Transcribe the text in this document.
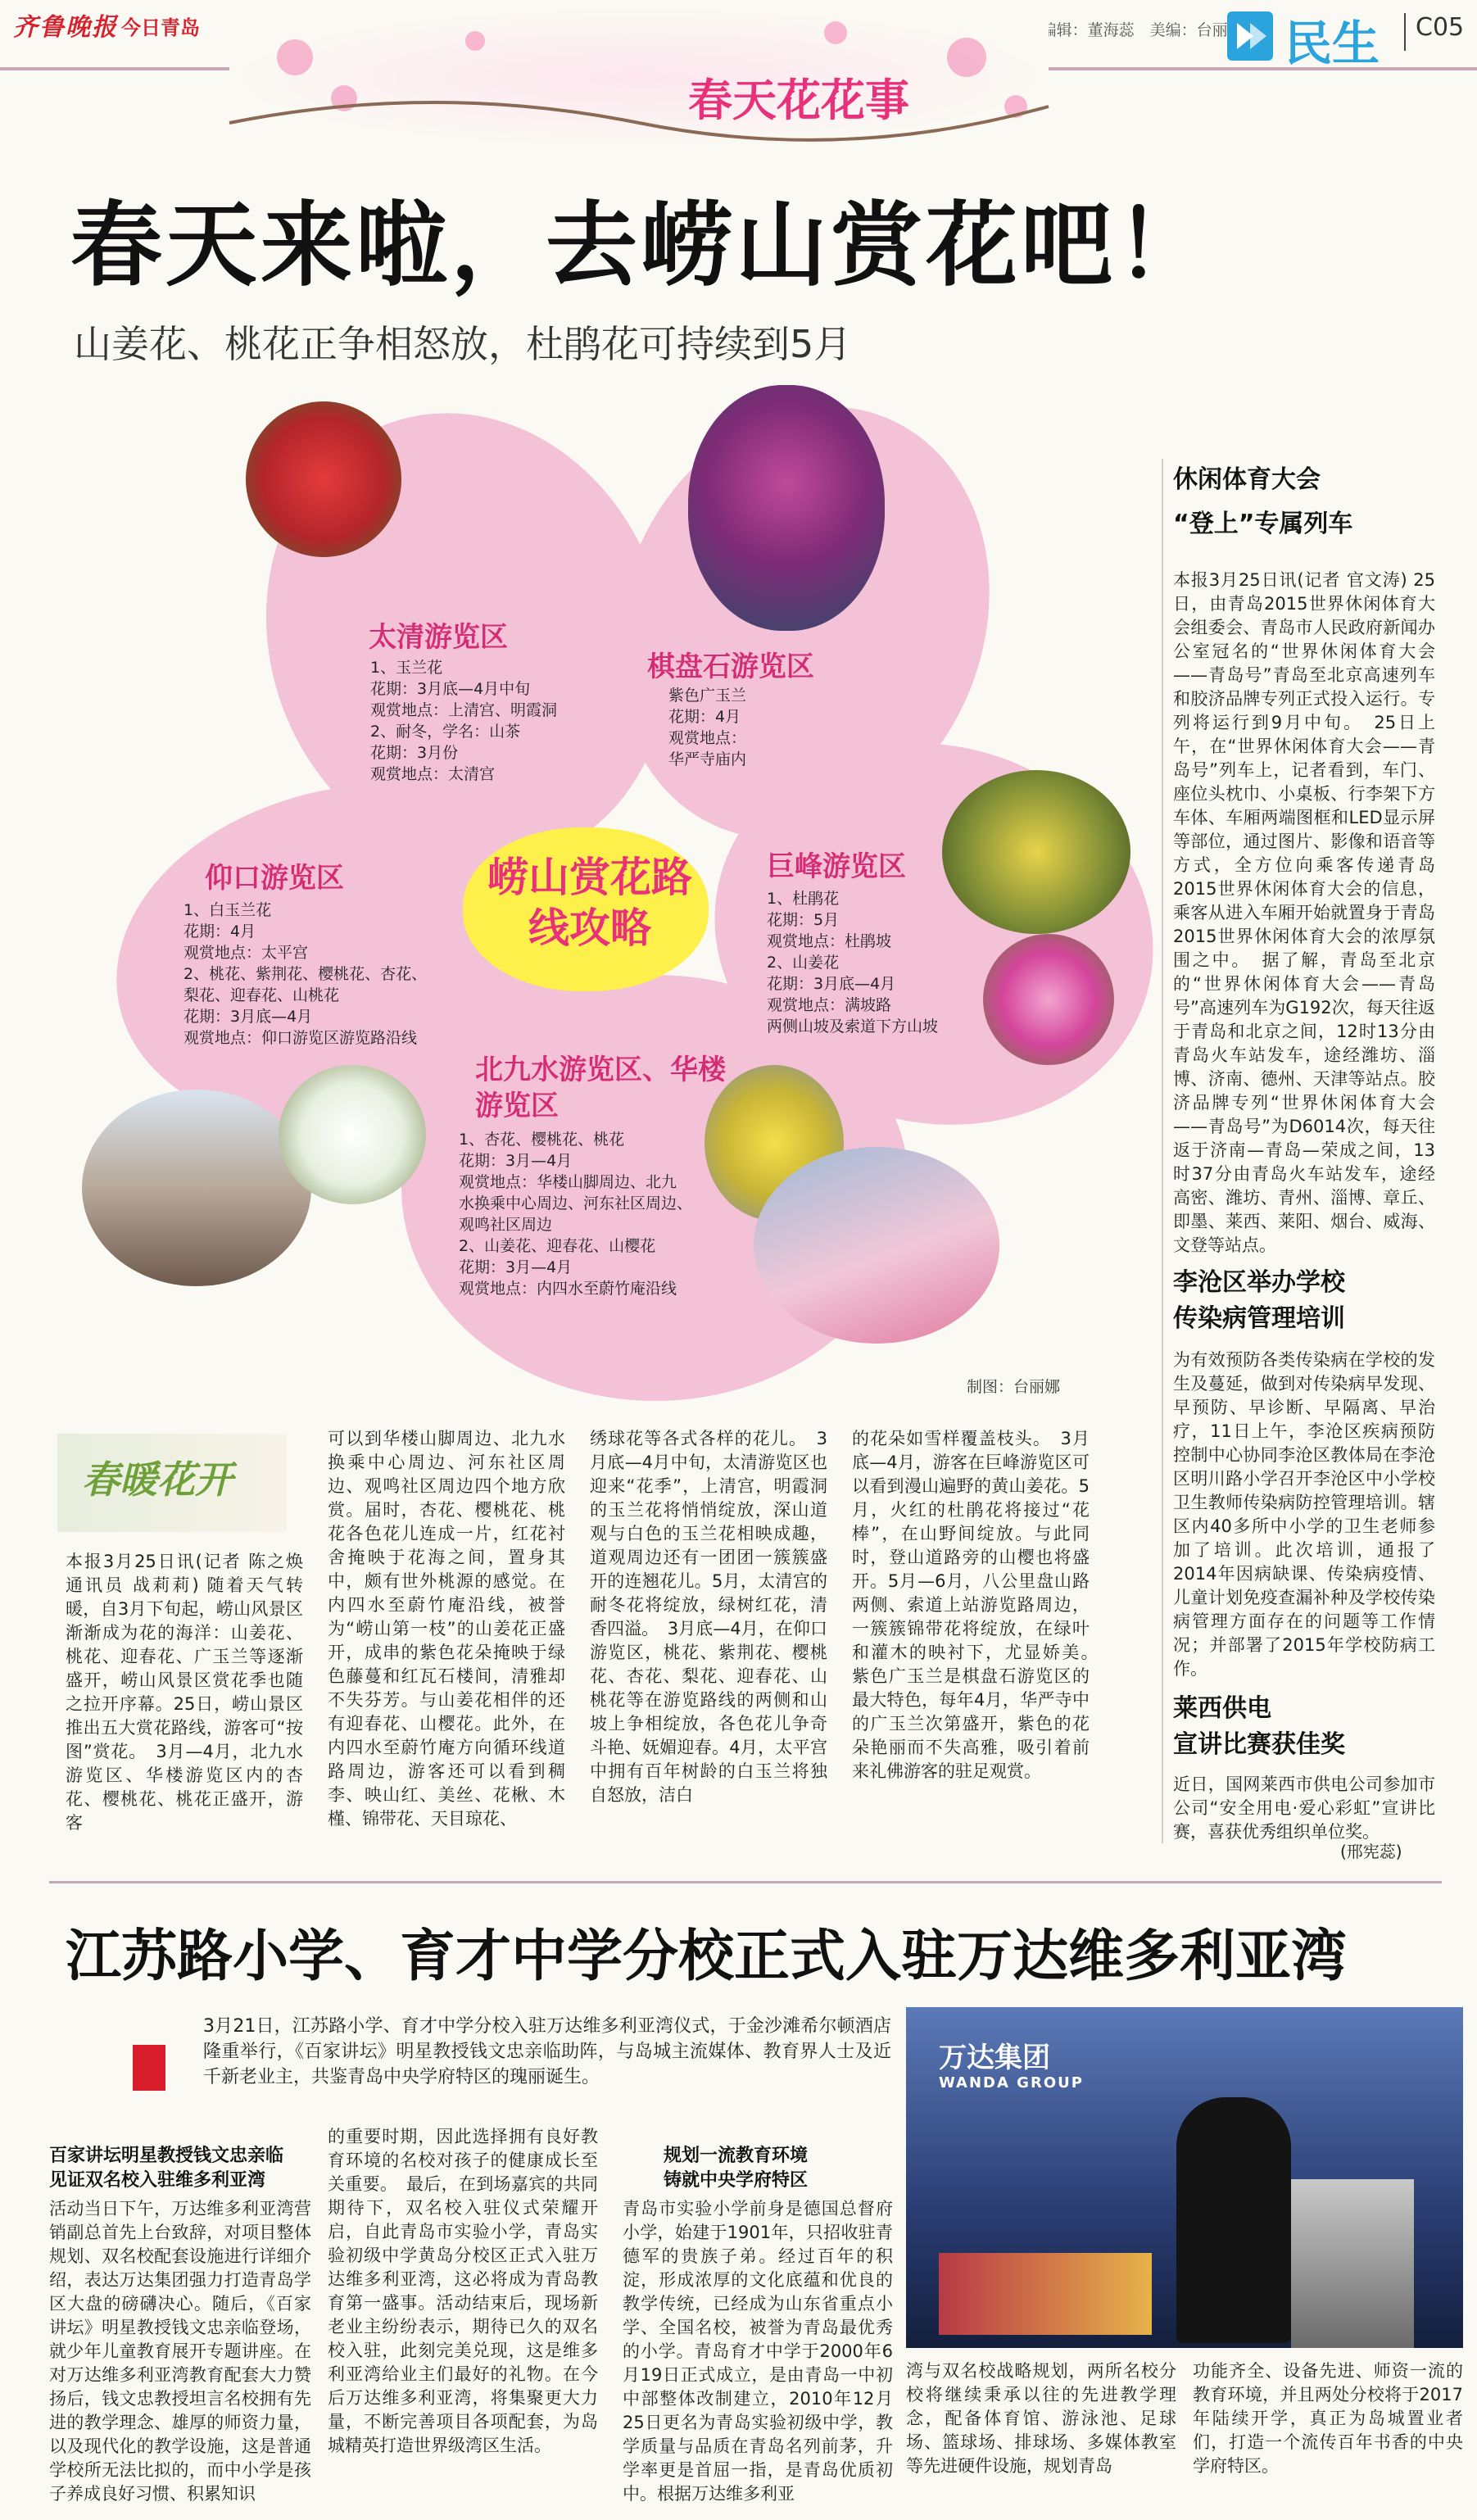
齐鲁晚报 今日青岛	　　编辑：董海蕊　美编：台丽娜 民生	C05
春天花花事
春天来啦，去崂山赏花吧！
山姜花、桃花正争相怒放，杜鹃花可持续到5月
崂山赏花路线攻略
太清游览区
1、玉兰花
花期：3月底—4月中旬
观赏地点：上清宫、明霞洞
2、耐冬，学名：山茶
花期：3月份
观赏地点：太清宫
棋盘石游览区
紫色广玉兰
花期：4月
观赏地点：
华严寺庙内
仰口游览区
1、白玉兰花
花期：4月
观赏地点：太平宫
2、桃花、紫荆花、樱桃花、杏花、
梨花、迎春花、山桃花
花期：3月底—4月
观赏地点：仰口游览区游览路沿线
巨峰游览区
1、杜鹃花
花期：5月
观赏地点：杜鹃坡
2、山姜花
花期：3月底—4月
观赏地点：满坡路
两侧山坡及索道下方山坡
北九水游览区、华楼游览区
1、杏花、樱桃花、桃花
花期：3月—4月
观赏地点：华楼山脚周边、北九
水换乘中心周边、河东社区周边、
观鸣社区周边
2、山姜花、迎春花、山樱花
花期：3月—4月
观赏地点：内四水至蔚竹庵沿线
制图：台丽娜
休闲体育大会
“登上”专属列车
本报3月25日讯(记者 官文涛) 25日，由青岛2015世界休闲体育大会组委会、青岛市人民政府新闻办公室冠名的“世界休闲体育大会——青岛号”青岛至北京高速列车和胶济品牌专列正式投入运行。专列将运行到9月中旬。　25日上午，在“世界休闲体育大会——青岛号”列车上，记者看到，车门、座位头枕巾、小桌板、行李架下方车体、车厢两端图框和LED显示屏等部位，通过图片、影像和语音等方式，全方位向乘客传递青岛2015世界休闲体育大会的信息，乘客从进入车厢开始就置身于青岛2015世界休闲体育大会的浓厚氛围之中。　据了解，青岛至北京的“世界休闲体育大会——青岛号”高速列车为G192次，每天往返于青岛和北京之间，12时13分由青岛火车站发车，途经潍坊、淄博、济南、德州、天津等站点。胶济品牌专列“世界休闲体育大会——青岛号”为D6014次，每天往返于济南—青岛—荣成之间，13时37分由青岛火车站发车，途经高密、潍坊、青州、淄博、章丘、即墨、莱西、莱阳、烟台、威海、文登等站点。
李沧区举办学校
传染病管理培训
为有效预防各类传染病在学校的发生及蔓延，做到对传染病早发现、早预防、早诊断、早隔离、早治疗，11日上午，李沧区疾病预防控制中心协同李沧区教体局在李沧区明川路小学召开李沧区中小学校卫生教师传染病防控管理培训。辖区内40多所中小学的卫生老师参加了培训。此次培训，通报了2014年因病缺课、传染病疫情、儿童计划免疫查漏补种及学校传染病管理方面存在的问题等工作情况；并部署了2015年学校防病工作。
莱西供电
宣讲比赛获佳奖
近日，国网莱西市供电公司参加市公司“安全用电·爱心彩虹”宣讲比赛，喜获优秀组织单位奖。
(邢宪蕊)
春暖花开
本报3月25日讯(记者 陈之焕 通讯员 战莉莉) 随着天气转暖，自3月下旬起，崂山风景区渐渐成为花的海洋：山姜花、桃花、迎春花、广玉兰等逐渐盛开，崂山风景区赏花季也随之拉开序幕。25日，崂山景区推出五大赏花路线，游客可“按图”赏花。　3月—4月，北九水游览区、华楼游览区内的杏花、樱桃花、桃花正盛开，游客
可以到华楼山脚周边、北九水换乘中心周边、河东社区周边、观鸣社区周边四个地方欣赏。届时，杏花、樱桃花、桃花各色花儿连成一片，红花衬舍掩映于花海之间，置身其中，颇有世外桃源的感觉。在内四水至蔚竹庵沿线，被誉为“崂山第一枝”的山姜花正盛开，成串的紫色花朵掩映于绿色藤蔓和红瓦石楼间，清雅却不失芬芳。与山姜花相伴的还有迎春花、山樱花。此外，在内四水至蔚竹庵方向循环线道路周边，游客还可以看到稠李、映山红、美丝、花楸、木槿、锦带花、天目琼花、
绣球花等各式各样的花儿。　3月底—4月中旬，太清游览区也迎来“花季”，上清宫，明霞洞的玉兰花将悄悄绽放，深山道观与白色的玉兰花相映成趣，道观周边还有一团团一簇簇盛开的连翘花儿。5月，太清宫的耐冬花将绽放，绿树红花，清香四溢。　3月底—4月，在仰口游览区，桃花、紫荆花、樱桃花、杏花、梨花、迎春花、山桃花等在游览路线的两侧和山坡上争相绽放，各色花儿争奇斗艳、妩媚迎春。4月，太平宫中拥有百年树龄的白玉兰将独自怒放，洁白
的花朵如雪样覆盖枝头。　3月底—4月，游客在巨峰游览区可以看到漫山遍野的黄山姜花。5月，火红的杜鹃花将接过“花棒”，在山野间绽放。与此同时，登山道路旁的山樱也将盛开。5月—6月，八公里盘山路两侧、索道上站游览路周边，一簇簇锦带花将绽放，在绿叶和灌木的映衬下，尤显娇美。　紫色广玉兰是棋盘石游览区的最大特色，每年4月，华严寺中的广玉兰次第盛开，紫色的花朵艳丽而不失高雅，吸引着前来礼佛游客的驻足观赏。
江苏路小学、育才中学分校正式入驻万达维多利亚湾
3月21日，江苏路小学、育才中学分校入驻万达维多利亚湾仪式，于金沙滩希尔顿酒店隆重举行，《百家讲坛》明星教授钱文忠亲临助阵，与岛城主流媒体、教育界人士及近千新老业主，共鉴青岛中央学府特区的瑰丽诞生。
百家讲坛明星教授钱文忠亲临
见证双名校入驻维多利亚湾
活动当日下午，万达维多利亚湾营销副总首先上台致辞，对项目整体规划、双名校配套设施进行详细介绍，表达万达集团强力打造青岛学区大盘的磅礴决心。随后，《百家讲坛》明星教授钱文忠亲临登场，就少年儿童教育展开专题讲座。在对万达维多利亚湾教育配套大力赞扬后，钱文忠教授坦言名校拥有先进的教学理念、雄厚的师资力量，以及现代化的教学设施，这是普通学校所无法比拟的，而中小学是孩子养成良好习惯、积累知识
的重要时期，因此选择拥有良好教育环境的名校对孩子的健康成长至关重要。　最后，在到场嘉宾的共同期待下，双名校入驻仪式荣耀开启，自此青岛市实验小学，青岛实验初级中学黄岛分校区正式入驻万达维多利亚湾，这必将成为青岛教育第一盛事。活动结束后，现场新老业主纷纷表示，期待已久的双名校入驻，此刻完美兑现，这是维多利亚湾给业主们最好的礼物。在今后万达维多利亚湾，将集聚更大力量，不断完善项目各项配套，为岛城精英打造世界级湾区生活。
规划一流教育环境
铸就中央学府特区
青岛市实验小学前身是德国总督府小学，始建于1901年，只招收驻青德军的贵族子弟。经过百年的积淀，形成浓厚的文化底蕴和优良的教学传统，已经成为山东省重点小学、全国名校，被誉为青岛最优秀的小学。青岛育才中学于2000年6月19日正式成立，是由青岛一中初中部整体改制建立，2010年12月25日更名为青岛实验初级中学，教学质量与品质在青岛名列前茅，升学率更是首屈一指，是青岛优质初中。根据万达维多利亚
万达集团
WANDA GROUP
湾与双名校战略规划，两所名校分校将继续秉承以往的先进教学理念，配备体育馆、游泳池、足球场、篮球场、排球场、多媒体教室等先进硬件设施，规划青岛
功能齐全、设备先进、师资一流的教育环境，并且两处分校将于2017年陆续开学，真正为岛城置业者们，打造一个流传百年书香的中央学府特区。
